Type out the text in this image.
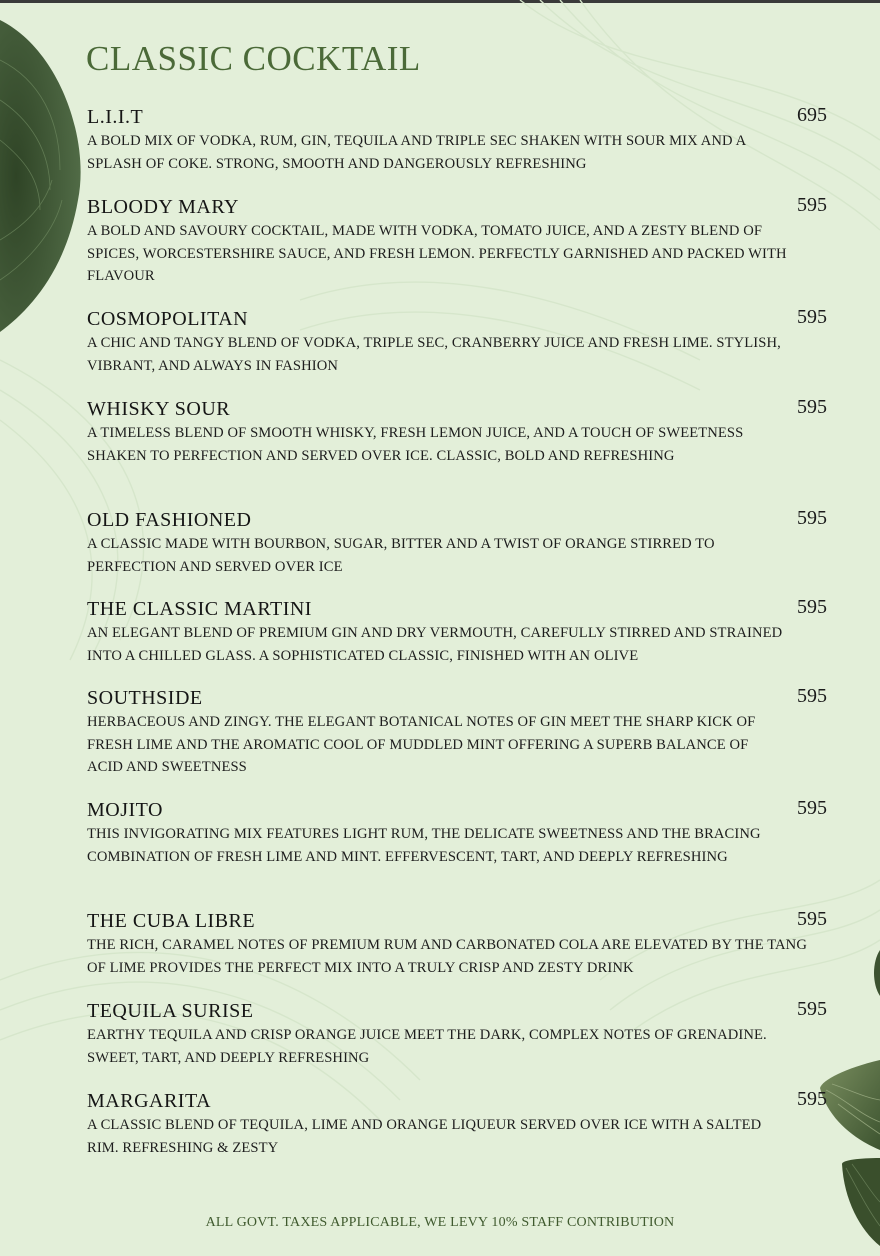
CLASSIC COCKTAIL
L.I.I.T	695

A BOLD MIX OF VODKA, RUM, GIN, TEQUILA AND TRIPLE SEC SHAKEN WITH SOUR MIX AND A SPLASH OF COKE. STRONG, SMOOTH AND DANGEROUSLY REFRESHING

BLOODY MARY	595

A BOLD AND SAVOURY COCKTAIL, MADE WITH VODKA, TOMATO JUICE, AND A ZESTY BLEND OF SPICES, WORCESTERSHIRE SAUCE, AND FRESH LEMON. PERFECTLY GARNISHED AND PACKED WITH FLAVOUR

COSMOPOLITAN	595

A CHIC AND TANGY BLEND OF VODKA, TRIPLE SEC, CRANBERRY JUICE AND FRESH LIME. STYLISH, VIBRANT, AND ALWAYS IN FASHION

WHISKY SOUR	595

A TIMELESS BLEND OF SMOOTH WHISKY, FRESH LEMON JUICE, AND A TOUCH OF SWEETNESS SHAKEN TO PERFECTION AND SERVED OVER ICE. CLASSIC, BOLD AND REFRESHING

OLD FASHIONED	595

A CLASSIC MADE WITH BOURBON, SUGAR, BITTER AND A TWIST OF ORANGE STIRRED TO PERFECTION AND SERVED OVER ICE

THE CLASSIC MARTINI	595

AN ELEGANT BLEND OF PREMIUM GIN AND DRY VERMOUTH, CAREFULLY STIRRED AND STRAINED INTO A CHILLED GLASS. A SOPHISTICATED CLASSIC, FINISHED WITH AN OLIVE

SOUTHSIDE	595

HERBACEOUS AND ZINGY. THE ELEGANT BOTANICAL NOTES OF GIN MEET THE SHARP KICK OF FRESH LIME AND THE AROMATIC COOL OF MUDDLED MINT OFFERING A SUPERB BALANCE OF ACID AND SWEETNESS

MOJITO	595

THIS INVIGORATING MIX FEATURES LIGHT RUM, THE DELICATE SWEETNESS AND THE BRACING COMBINATION OF FRESH LIME AND MINT. EFFERVESCENT, TART, AND DEEPLY REFRESHING

THE CUBA LIBRE	595

THE RICH, CARAMEL NOTES OF PREMIUM RUM AND CARBONATED COLA ARE ELEVATED BY THE TANG OF LIME PROVIDES THE PERFECT MIX INTO A TRULY CRISP AND ZESTY DRINK

TEQUILA SURISE	595

EARTHY TEQUILA AND CRISP ORANGE JUICE MEET THE DARK, COMPLEX NOTES OF GRENADINE. SWEET, TART, AND DEEPLY REFRESHING

MARGARITA	595

A CLASSIC BLEND OF TEQUILA, LIME AND ORANGE LIQUEUR SERVED OVER ICE WITH A SALTED RIM. REFRESHING & ZESTY

ALL GOVT. TAXES APPLICABLE, WE LEVY 10% STAFF CONTRIBUTION
